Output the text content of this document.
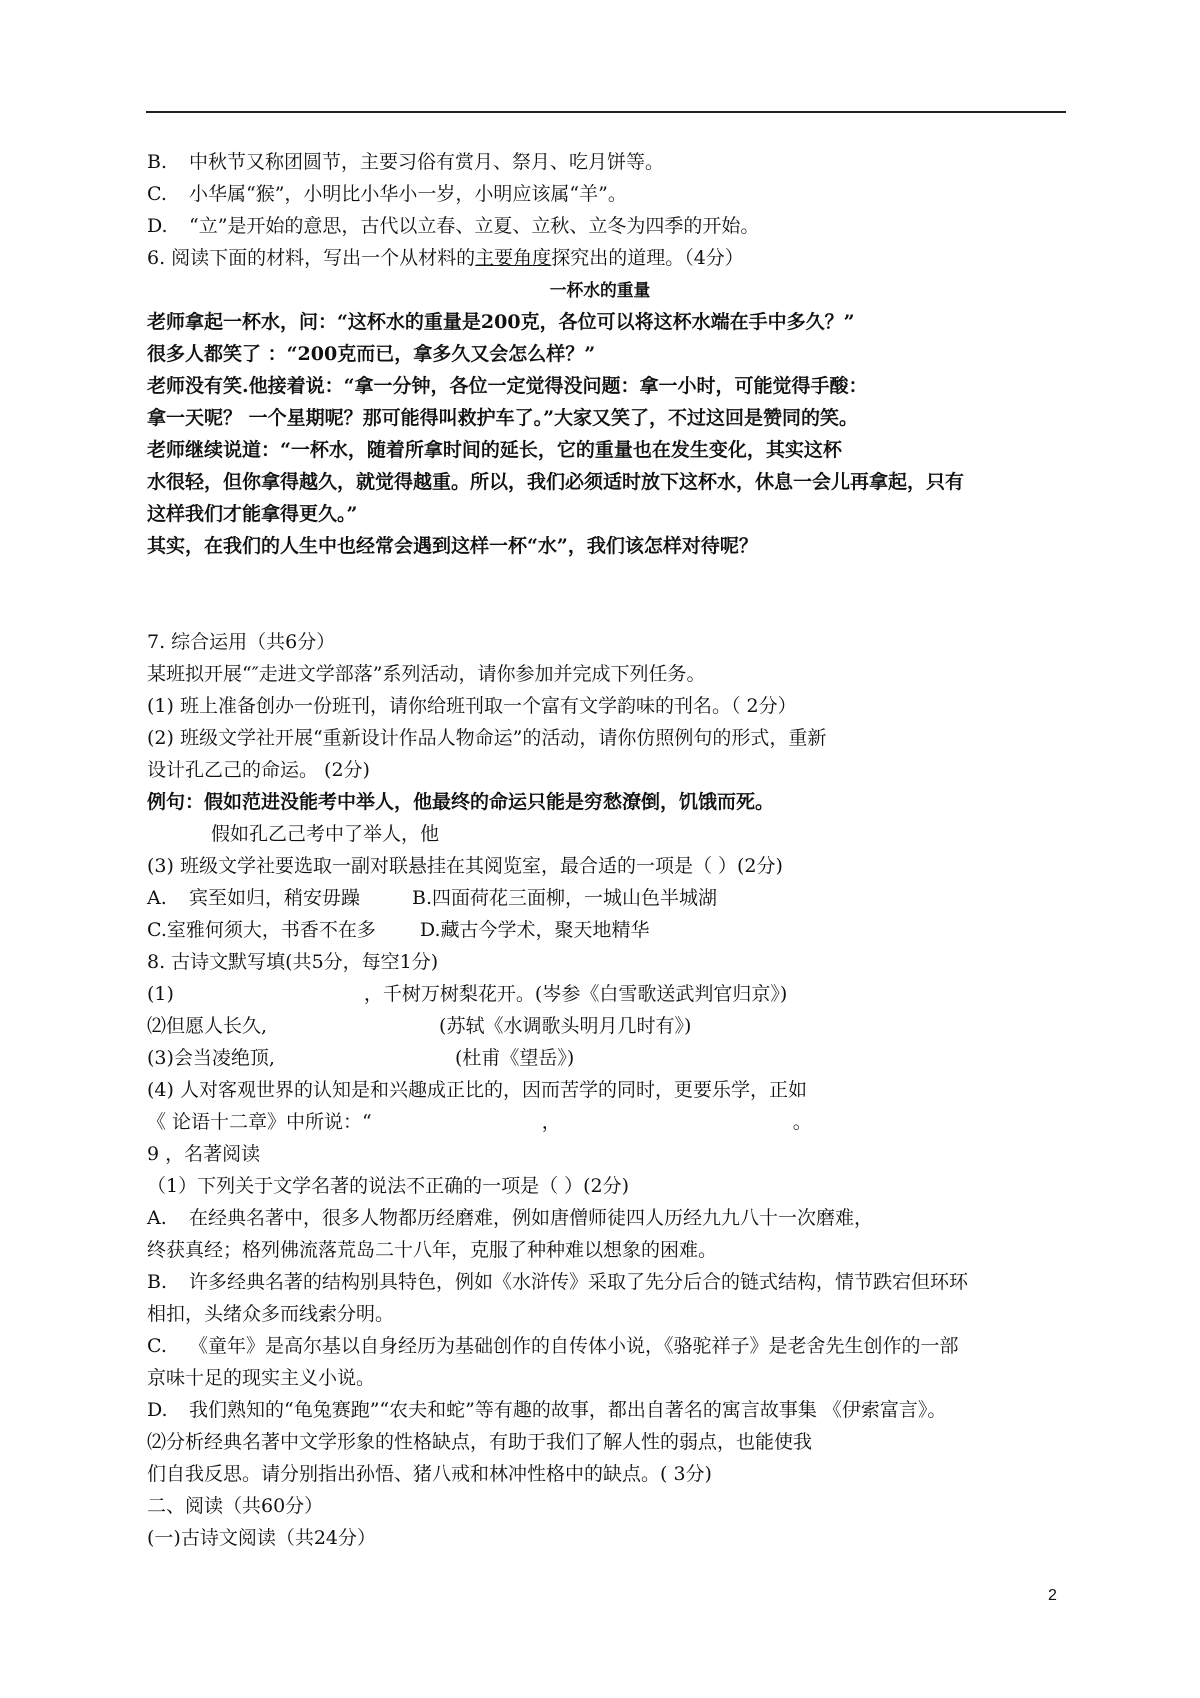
B. 中秋节又称团圆节，主要习俗有赏月、祭月、吃月饼等。
C. 小华属“猴”，小明比小华小一岁，小明应该属“羊”。
D. “立”是开始的意思，古代以立春、立夏、立秋、立冬为四季的开始。
6. 阅读下面的材料，写出一个从材料的主要角度探究出的道理。（4分）
一杯水的重量
老师拿起一杯水，问：“这杯水的重量是200克，各位可以将这杯水端在手中多久？”
很多人都笑了 ：“200克而已，拿多久又会怎么样？”
老师没有笑.他接着说：“拿一分钟，各位一定觉得没问题：拿一小时，可能觉得手酸：
拿一天呢？ 一个星期呢？那可能得叫救护车了。”大家又笑了，不过这回是赞同的笑。
老师继续说道：“一杯水，随着所拿时间的延长，它的重量也在发生变化，其实这杯
水很轻，但你拿得越久，就觉得越重。所以，我们必须适时放下这杯水，休息一会儿再拿起，只有
这样我们才能拿得更久。”
其实，在我们的人生中也经常会遇到这样一杯“水”，我们该怎样对待呢？
7. 综合运用（共6分）
某班拟开展“″走进文学部落”系列活动，请你参加并完成下列任务。
(1) 班上准备创办一份班刊，请你给班刊取一个富有文学韵味的刊名。（ 2分）
(2) 班级文学社开展“重新设计作品人物命运”的活动，请你仿照例句的形式，重新
设计孔乙己的命运。 (2分)
例句：假如范进没能考中举人，他最终的命运只能是穷愁潦倒，饥饿而死。
假如孔乙己考中了举人，他
(3) 班级文学社要选取一副对联悬挂在其阅览室，最合适的一项是（ ）(2分)
A. 宾至如归，稍安毋躁	B.四面荷花三面柳，一城山色半城湖
C.室雅何须大，书香不在多 D.藏古今学术，聚天地精华
8. 古诗文默写填(共5分，每空1分)
(1)	，千树万树梨花开。(岑参《白雪歌送武判官归京》)
⑵但愿人长久,	(苏轼《水调歌头明月几时有》)
(3)会当凌绝顶,	(杜甫《望岳》)
(4) 人对客观世界的认知是和兴趣成正比的，因而苦学的同时，更要乐学，正如
《 论语十二章》中所说：“	，	。
9 ，名著阅读
（1）下列关于文学名著的说法不正确的一项是（ ）(2分)
A. 在经典名著中，很多人物都历经磨难，例如唐僧师徒四人历经九九八十一次磨难，
终获真经；格列佛流落荒岛二十八年，克服了种种难以想象的困难。
B. 许多经典名著的结构别具特色，例如《水浒传》采取了先分后合的链式结构，情节跌宕但环环
相扣，头绪众多而线索分明。
C. 《童年》是高尔基以自身经历为基础创作的自传体小说，《骆驼祥子》是老舍先生创作的一部
京味十足的现实主义小说。
D. 我们熟知的“龟兔赛跑”“农夫和蛇”等有趣的故事，都出自著名的寓言故事集 《伊索富言》。
⑵分析经典名著中文学形象的性格缺点，有助于我们了解人性的弱点，也能使我
们自我反思。请分别指出孙悟、猪八戒和林冲性格中的缺点。( 3分)
二、阅读（共60分）
(一)古诗文阅读（共24分）
2
